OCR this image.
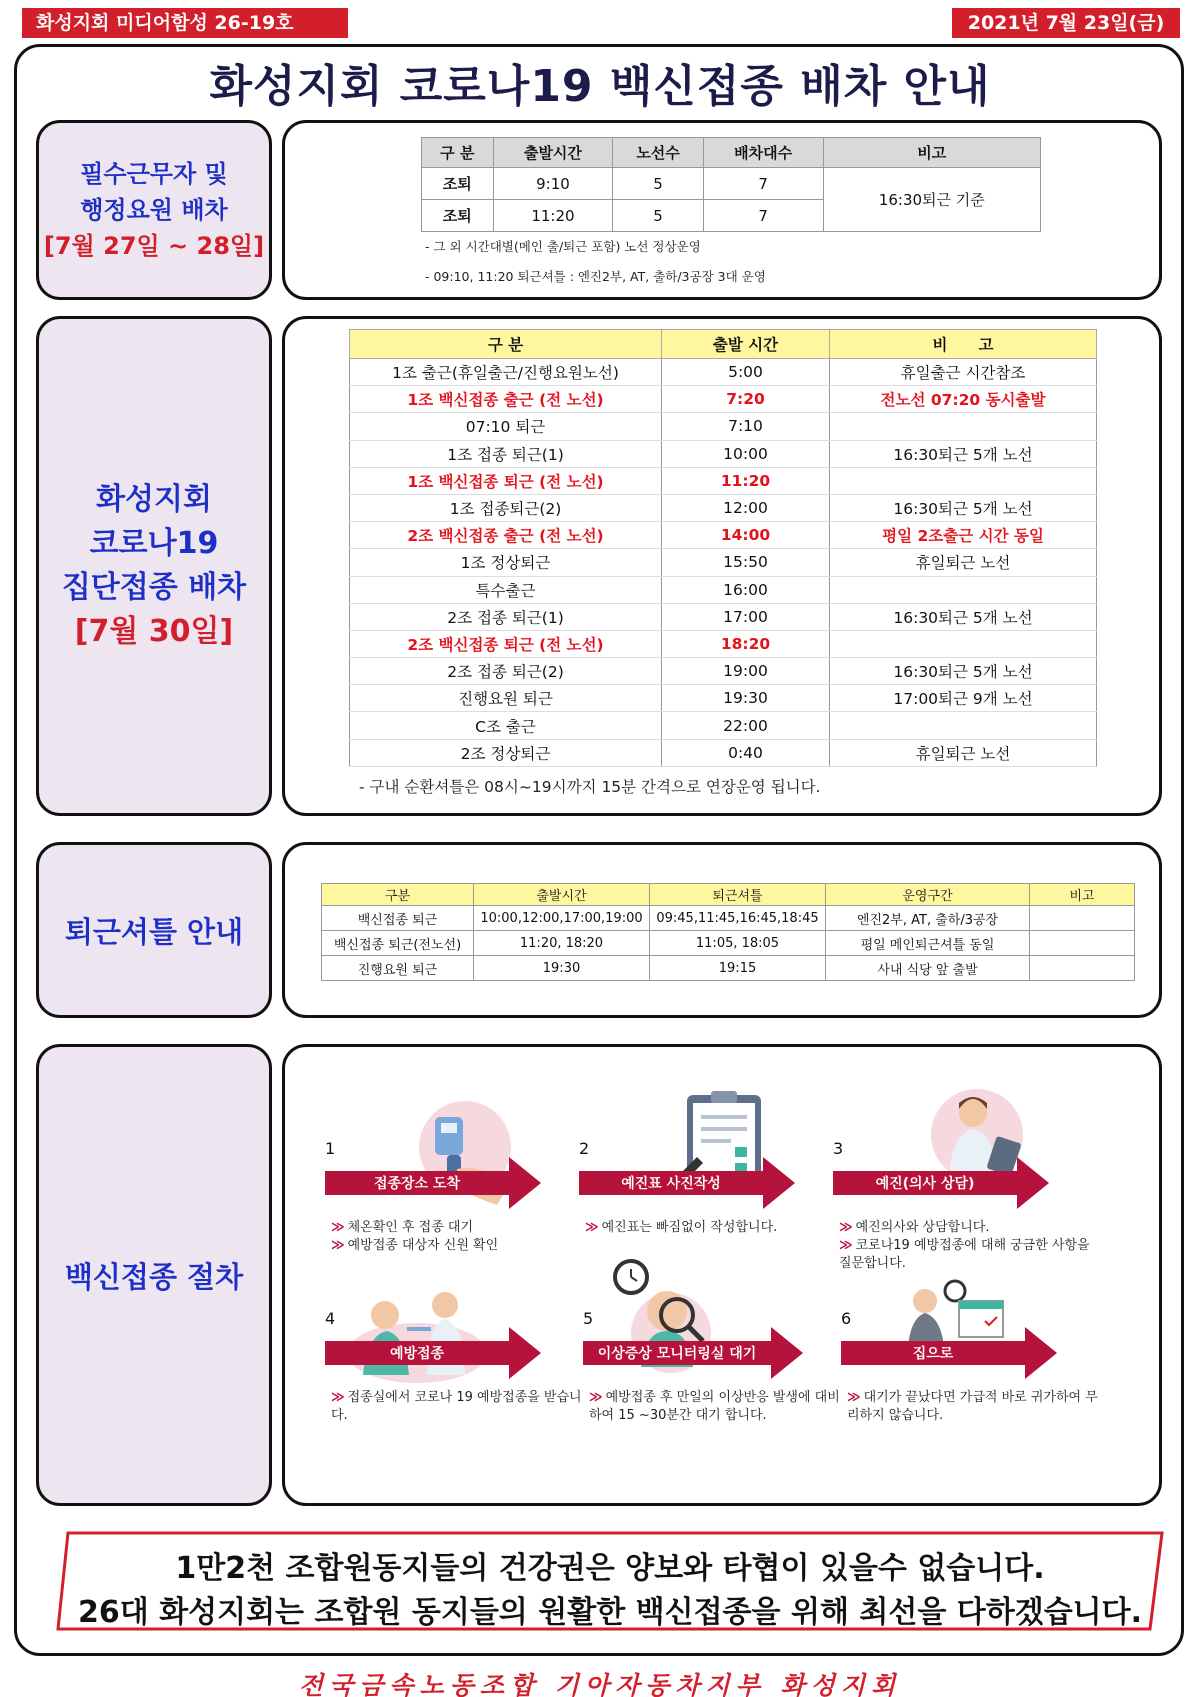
화성지회 미디어함성 26-19호	2021년 7월 23일(금)
화성지회 코로나19 백신접종 배차 안내
필수근무자 및
행정요원 배차
[7월 27일 ~ 28일]
구 분	출발시간	노선수	배차대수	비고
조퇴	9:10	5	7	16:30퇴근 기준
조퇴	11:20	5	7	
- 그 외 시간대별(메인 출/퇴근 포함) 노선 정상운영
- 09:10, 11:20 퇴근셔틀 : 엔진2부, AT, 출하/3공장 3대 운영
화성지회
코로나19
집단접종 배차
[7월 30일]
구 분	출발 시간	비　　고
1조 출근(휴일출근/진행요원노선)	5:00	휴일출근 시간참조
1조 백신접종 출근 (전 노선)	7:20	전노선 07:20 동시출발
07:10 퇴근	7:10	
1조 접종 퇴근(1)	10:00	16:30퇴근 5개 노선
1조 백신접종 퇴근 (전 노선)	11:20	
1조 접종퇴근(2)	12:00	16:30퇴근 5개 노선
2조 백신접종 출근 (전 노선)	14:00	평일 2조출근 시간 동일
1조 정상퇴근	15:50	휴일퇴근 노선
특수출근	16:00	
2조 접종 퇴근(1)	17:00	16:30퇴근 5개 노선
2조 백신접종 퇴근 (전 노선)	18:20	
2조 접종 퇴근(2)	19:00	16:30퇴근 5개 노선
진행요원 퇴근	19:30	17:00퇴근 9개 노선
C조 출근	22:00	
2조 정상퇴근	0:40	휴일퇴근 노선
- 구내 순환셔틀은 08시~19시까지 15분 간격으로 연장운영 됩니다.
퇴근셔틀 안내
구분	출발시간	퇴근셔틀	운영구간	비고
백신접종 퇴근	10:00,12:00,17:00,19:00	09:45,11:45,16:45,18:45	엔진2부, AT, 출하/3공장	
백신접종 퇴근(전노선)	11:20, 18:20	11:05, 18:05	평일 메인퇴근셔틀 동일	
진행요원 퇴근	19:30	19:15	사내 식당 앞 출발	
백신접종 절차
1
접종장소 도착
≫ 체온확인 후 접종 대기
≫ 예방접종 대상자 신원 확인
2
예진표 사진작성
≫ 예진표는 빠짐없이 작성합니다.
3
예진(의사 상담)
≫ 예진의사와 상담합니다.
≫ 코로나19 예방접종에 대해 궁금한 사항을 질문합니다.
4
예방접종
≫ 접종실에서 코로나 19 예방접종을 받습니다.
5
이상증상 모니터링실 대기
≫ 예방접종 후 만일의 이상반응 발생에 대비하여 15 ~30분간 대기 합니다.
6
집으로
≫ 대기가 끝났다면 가급적 바로 귀가하여 무리하지 않습니다.
1만2천 조합원동지들의 건강권은 양보와 타협이 있을수 없습니다.
26대 화성지회는 조합원 동지들의 원활한 백신접종을 위해 최선을 다하겠습니다.
전국금속노동조합 기아자동차지부 화성지회
